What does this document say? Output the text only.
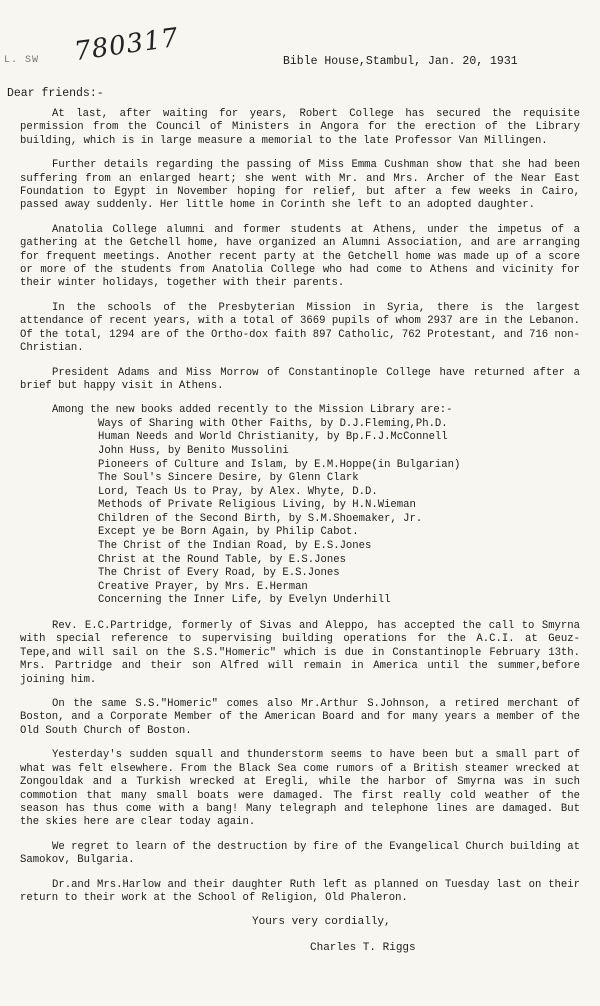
L. SW 780317	Bible House,Stambul, Jan. 20, 1931
Dear friends:-

At last, after waiting for years, Robert College has secured the requisite permission from the Council of Ministers in Angora for the erection of the Library building, which is in large measure a memorial to the late Professor Van Millingen.

Further details regarding the passing of Miss Emma Cushman show that she had been suffering from an enlarged heart; she went with Mr. and Mrs. Archer of the Near East Foundation to Egypt in November hoping for relief, but after a few weeks in Cairo, passed away suddenly. Her little home in Corinth she left to an adopted daughter.

Anatolia College alumni and former students at Athens, under the impetus of a gathering at the Getchell home, have organized an Alumni Association, and are arranging for frequent meetings. Another recent party at the Getchell home was made up of a score or more of the students from Anatolia College who had come to Athens and vicinity for their winter holidays, together with their parents.

In the schools of the Presbyterian Mission in Syria, there is the largest attendance of recent years, with a total of 3669 pupils of whom 2937 are in the Lebanon. Of the total, 1294 are of the Ortho-dox faith 897 Catholic, 762 Protestant, and 716 non-Christian.

President Adams and Miss Morrow of Constantinople College have returned after a brief but happy visit in Athens.

Among the new books added recently to the Mission Library are:-
Ways of Sharing with Other Faiths, by D.J.Fleming,Ph.D.
Human Needs and World Christianity, by Bp.F.J.McConnell
John Huss, by Benito Mussolini
Pioneers of Culture and Islam, by E.M.Hoppe(in Bulgarian)
The Soul's Sincere Desire, by Glenn Clark
Lord, Teach Us to Pray, by Alex. Whyte, D.D.
Methods of Private Religious Living, by H.N.Wieman
Children of the Second Birth, by S.M.Shoemaker, Jr.
Except ye be Born Again, by Philip Cabot.
The Christ of the Indian Road, by E.S.Jones
Christ at the Round Table, by E.S.Jones
The Christ of Every Road, by E.S.Jones
Creative Prayer, by Mrs. E.Herman
Concerning the Inner Life, by Evelyn Underhill

Rev. E.C.Partridge, formerly of Sivas and Aleppo, has accepted the call to Smyrna with special reference to supervising building operations for the A.C.I. at Geuz-Tepe,and will sail on the S.S."Homeric" which is due in Constantinople February 13th. Mrs. Partridge and their son Alfred will remain in America until the summer,before joining him.

On the same S.S."Homeric" comes also Mr.Arthur S.Johnson, a retired merchant of Boston, and a Corporate Member of the American Board and for many years a member of the Old South Church of Boston.

Yesterday's sudden squall and thunderstorm seems to have been but a small part of what was felt elsewhere. From the Black Sea come rumors of a British steamer wrecked at Zongouldak and a Turkish wrecked at Eregli, while the harbor of Smyrna was in such commotion that many small boats were damaged. The first really cold weather of the season has thus come with a bang! Many telegraph and telephone lines are damaged. But the skies here are clear today again.

We regret to learn of the destruction by fire of the Evangelical Church building at Samokov, Bulgaria.

Dr.and Mrs.Harlow and their daughter Ruth left as planned on Tuesday last on their return to their work at the School of Religion, Old Phaleron.

Yours very cordially,
Charles T. Riggs
